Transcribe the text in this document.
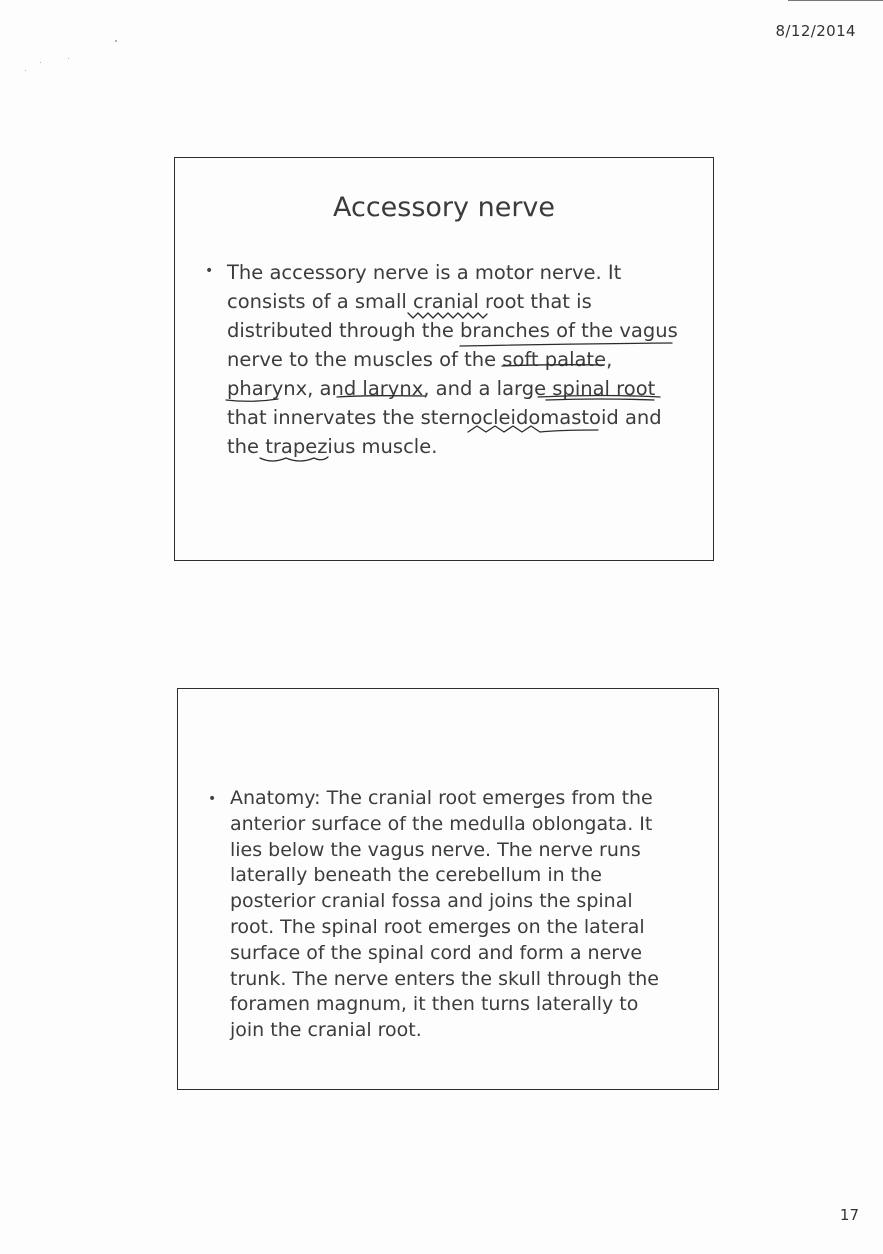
8/12/2014
Accessory nerve
• The accessory nerve is a motor nerve. It
consists of a small cranial root that is
distributed through the branches of the vagus
nerve to the muscles of the soft palate,
pharynx, and larynx, and a large spinal root
that innervates the sternocleidomastoid and
the trapezius muscle.
• Anatomy: The cranial root emerges from the
anterior surface of the medulla oblongata. It
lies below the vagus nerve. The nerve runs
laterally beneath the cerebellum in the
posterior cranial fossa and joins the spinal
root. The spinal root emerges on the lateral
surface of the spinal cord and form a nerve
trunk. The nerve enters the skull through the
foramen magnum, it then turns laterally to
join the cranial root.
17
